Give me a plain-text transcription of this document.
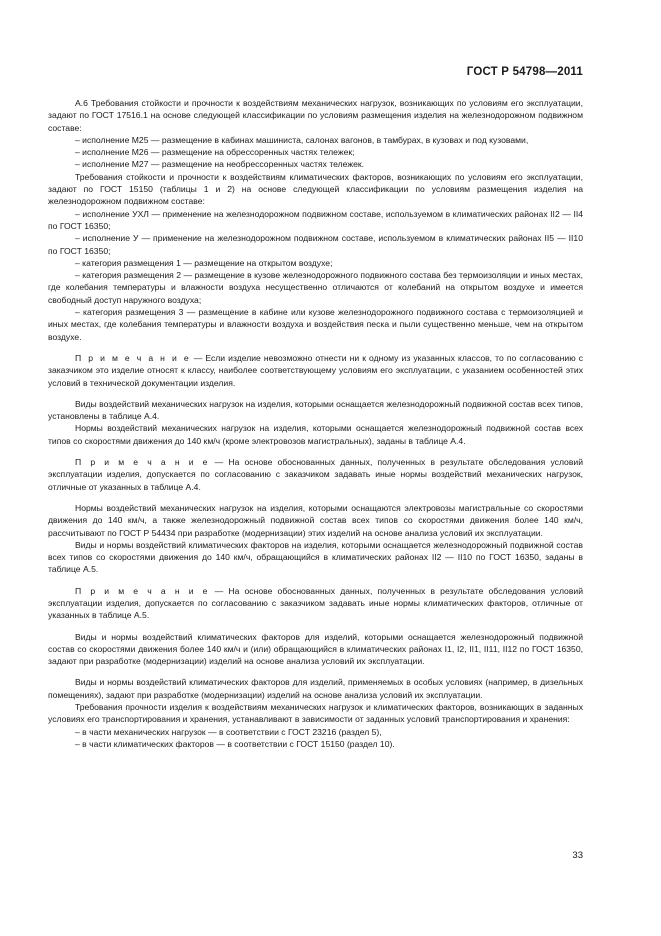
ГОСТ Р 54798—2011

А.6 Требования стойкости и прочности к воздействиям механических нагрузок, возникающих по условиям его эксплуатации, задают по ГОСТ 17516.1 на основе следующей классификации по условиям размещения изделия на железнодорожном подвижном составе:

– исполнение М25 — размещение в кабинах машиниста, салонах вагонов, в тамбурах, в кузовах и под кузовами,

– исполнение М26 — размещение на обрессоренных частях тележек;

– исполнение М27 — размещение на необрессоренных частях тележек.

Требования стойкости и прочности к воздействиям климатических факторов, возникающих по условиям его эксплуатации, задают по ГОСТ 15150 (таблицы 1 и 2) на основе следующей классификации по условиям размещения изделия на железнодорожном подвижном составе:

– исполнение УХЛ — применение на железнодорожном подвижном составе, используемом в климатических районах II2 — II4 по ГОСТ 16350;

– исполнение У — применение на железнодорожном подвижном составе, используемом в климатических районах II5 — II10 по ГОСТ 16350;

– категория размещения 1 — размещение на открытом воздухе;

– категория размещения 2 — размещение в кузове железнодорожного подвижного состава без термоизоляции и иных местах, где колебания температуры и влажности воздуха несущественно отличаются от колебаний на открытом воздухе и имеется свободный доступ наружного воздуха;

– категория размещения 3 — размещение в кабине или кузове железнодорожного подвижного состава с термоизоляцией и иных местах, где колебания температуры и влажности воздуха и воздействия песка и пыли существенно меньше, чем на открытом воздухе.

П р и м е ч а н и е — Если изделие невозможно отнести ни к одному из указанных классов, то по согласованию с заказчиком это изделие относят к классу, наиболее соответствующему условиям его эксплуатации, с указанием особенностей этих условий в технической документации изделия.

Виды воздействий механических нагрузок на изделия, которыми оснащается железнодорожный подвижной состав всех типов, установлены в таблице А.4.

Нормы воздействий механических нагрузок на изделия, которыми оснащается железнодорожный подвижной состав всех типов со скоростями движения до 140 км/ч (кроме электровозов магистральных), заданы в таблице А.4.

П р и м е ч а н и е — На основе обоснованных данных, полученных в результате обследования условий эксплуатации изделия, допускается по согласованию с заказчиком задавать иные нормы воздействий механических нагрузок, отличные от указанных в таблице А.4.

Нормы воздействий механических нагрузок на изделия, которыми оснащаются электровозы магистральные со скоростями движения до 140 км/ч, а также железнодорожный подвижной состав всех типов со скоростями движения более 140 км/ч, рассчитывают по ГОСТ Р 54434 при разработке (модернизации) этих изделий на основе анализа условий их эксплуатации.

Виды и нормы воздействий климатических факторов на изделия, которыми оснащается железнодорожный подвижной состав всех типов со скоростями движения до 140 км/ч, обращающийся в климатических районах II2 — II10 по ГОСТ 16350, заданы в таблице А.5.

П р и м е ч а н и е — На основе обоснованных данных, полученных в результате обследования условий эксплуатации изделия, допускается по согласованию с заказчиком задавать иные нормы климатических факторов, отличные от указанных в таблице А.5.

Виды и нормы воздействий климатических факторов для изделий, которыми оснащается железнодорожный подвижной состав со скоростями движения более 140 км/ч и (или) обращающийся в климатических районах I1, I2, II1, II11, II12 по ГОСТ 16350, задают при разработке (модернизации) изделий на основе анализа условий их эксплуатации.

Виды и нормы воздействий климатических факторов для изделий, применяемых в особых условиях (например, в дизельных помещениях), задают при разработке (модернизации) изделий на основе анализа условий их эксплуатации.

Требования прочности изделия к воздействиям механических нагрузок и климатических факторов, возникающих в заданных условиях его транспортирования и хранения, устанавливают в зависимости от заданных условий транспортирования и хранения:

– в части механических нагрузок — в соответствии с ГОСТ 23216 (раздел 5),

– в части климатических факторов — в соответствии с ГОСТ 15150 (раздел 10).

33
